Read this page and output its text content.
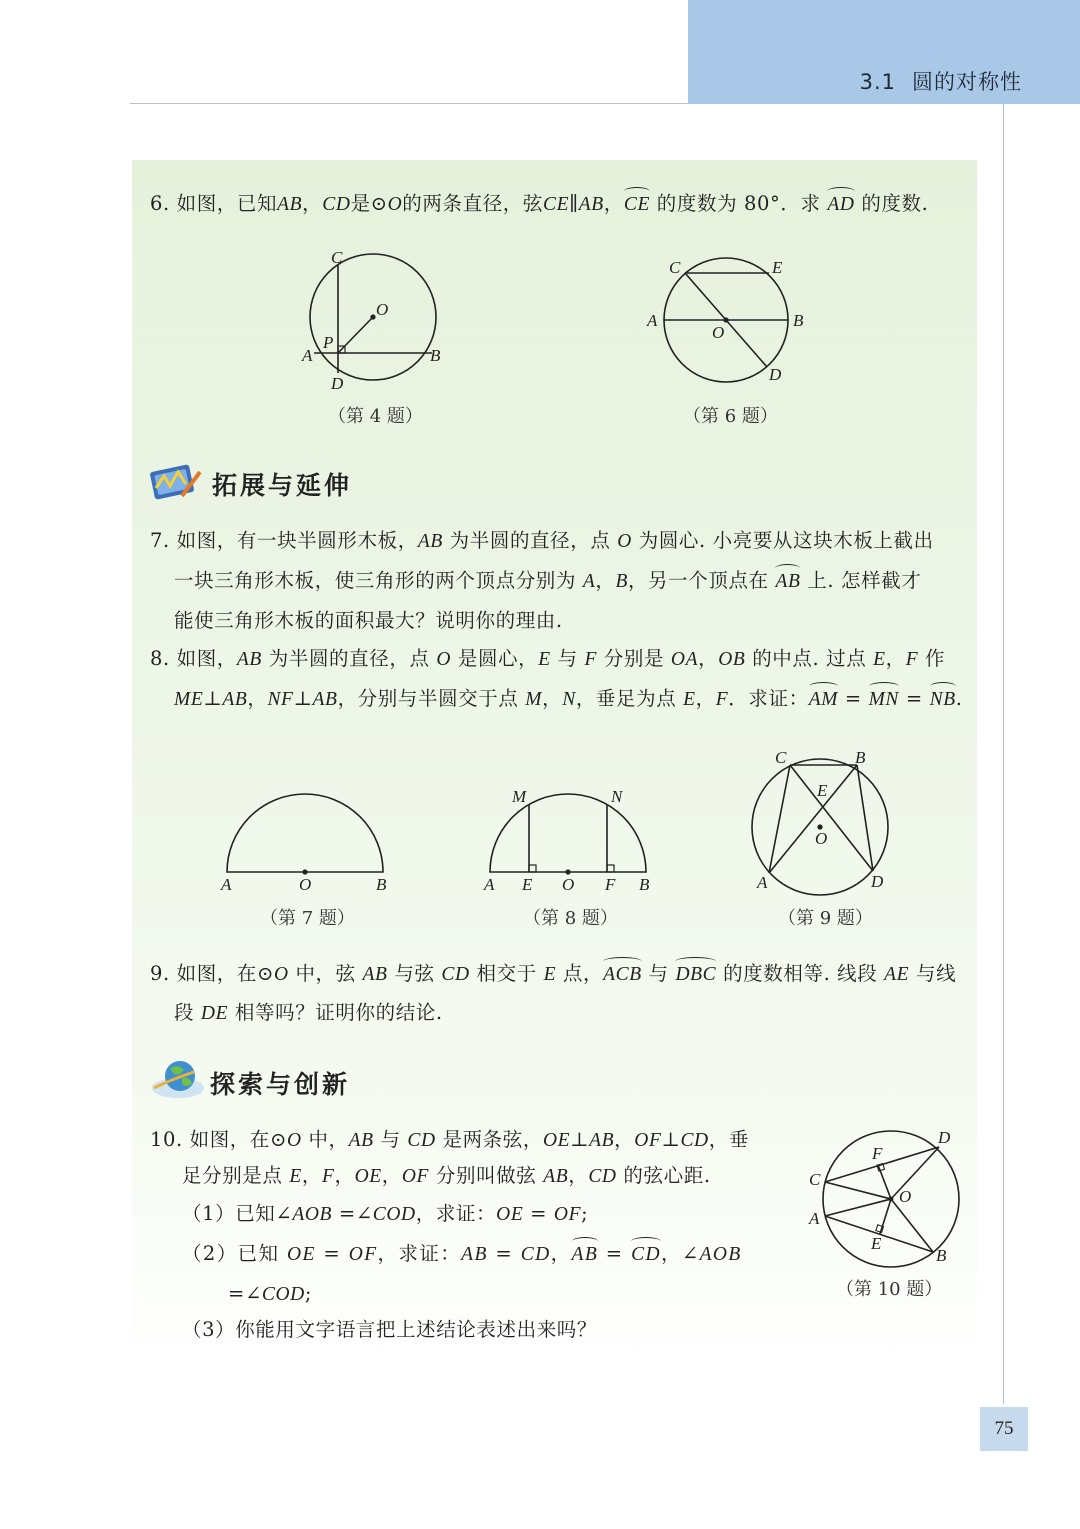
3.1 圆的对称性
6. 如图，已知AB，CD是⊙O的两条直径，弦CE∥AB，CE 的度数为 80°．求 AD 的度数.
C
O
P
A	B
D
（第 4 题）
C	E
A	B
O
D
（第 6 题）
拓展与延伸
7. 如图，有一块半圆形木板，AB 为半圆的直径，点 O 为圆心. 小亮要从这块木板上截出
一块三角形木板，使三角形的两个顶点分别为 A，B，另一个顶点在 AB 上. 怎样截才
能使三角形木板的面积最大？说明你的理由.
8. 如图，AB 为半圆的直径，点 O 是圆心，E 与 F 分别是 OA，OB 的中点. 过点 E，F 作
ME⊥AB，NF⊥AB，分别与半圆交于点 M，N，垂足为点 E，F．求证：AM = MN = NB.
A	O	B
（第 7 题）
M	N
A E O F B
（第 8 题）
C	B
E
O
A	D
（第 9 题）
9. 如图，在⊙O 中，弦 AB 与弦 CD 相交于 E 点，ACB 与 DBC 的度数相等. 线段 AE 与线
段 DE 相等吗？证明你的结论.
探索与创新
10. 如图，在⊙O 中，AB 与 CD 是两条弦，OE⊥AB，OF⊥CD，垂
足分别是点 E，F，OE，OF 分别叫做弦 AB，CD 的弦心距.
（1）已知∠AOB =∠COD，求证：OE = OF;
（2）已知 OE = OF，求证：AB = CD，AB = CD，∠AOB
=∠COD;
（3）你能用文字语言把上述结论表述出来吗？
D
F
C
O
A
E
B
（第 10 题）
75
